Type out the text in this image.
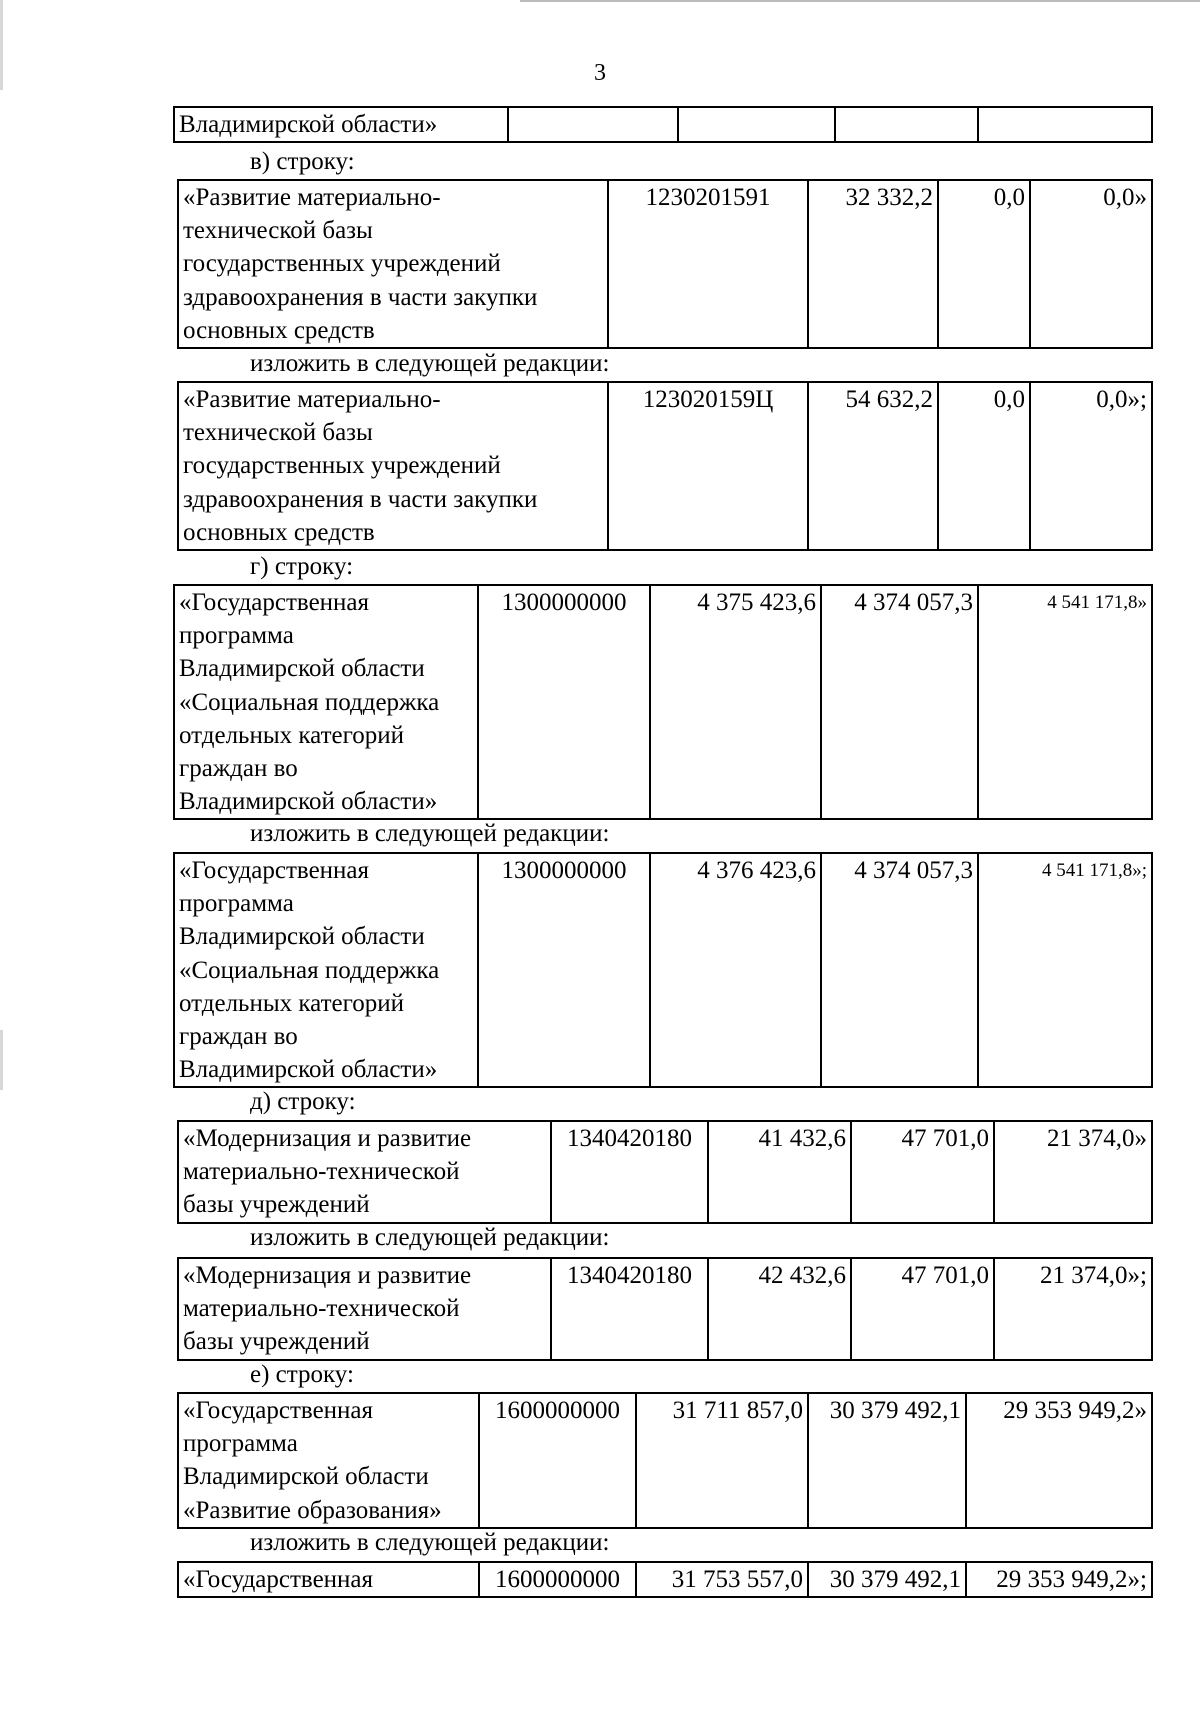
3
Владимирской области»				
в) строку:
«Развитие материально-
технической базы
государственных учреждений
здравоохранения в части закупки
основных средств
	1230201591	32 332,2	0,0	0,0»
изложить в следующей редакции:
«Развитие материально-
технической базы
государственных учреждений
здравоохранения в части закупки
основных средств
	123020159Ц	54 632,2	0,0	0,0»;
г) строку:
«Государственная
программа
Владимирской области
«Социальная поддержка
отдельных категорий
граждан во
Владимирской области»
	1300000000	4 375 423,6	4 374 057,3	4 541 171,8»
изложить в следующей редакции:
«Государственная
программа
Владимирской области
«Социальная поддержка
отдельных категорий
граждан во
Владимирской области»
	1300000000	4 376 423,6	4 374 057,3	4 541 171,8»;
д) строку:
«Модернизация и развитие
материально-технической
базы учреждений
	1340420180	41 432,6	47 701,0	21 374,0»
изложить в следующей редакции:
«Модернизация и развитие
материально-технической
базы учреждений
	1340420180	42 432,6	47 701,0	21 374,0»;
е) строку:
«Государственная
программа
Владимирской области
«Развитие образования»
	1600000000	31 711 857,0	30 379 492,1	29 353 949,2»
изложить в следующей редакции:
«Государственная	1600000000	31 753 557,0	30 379 492,1	29 353 949,2»;
